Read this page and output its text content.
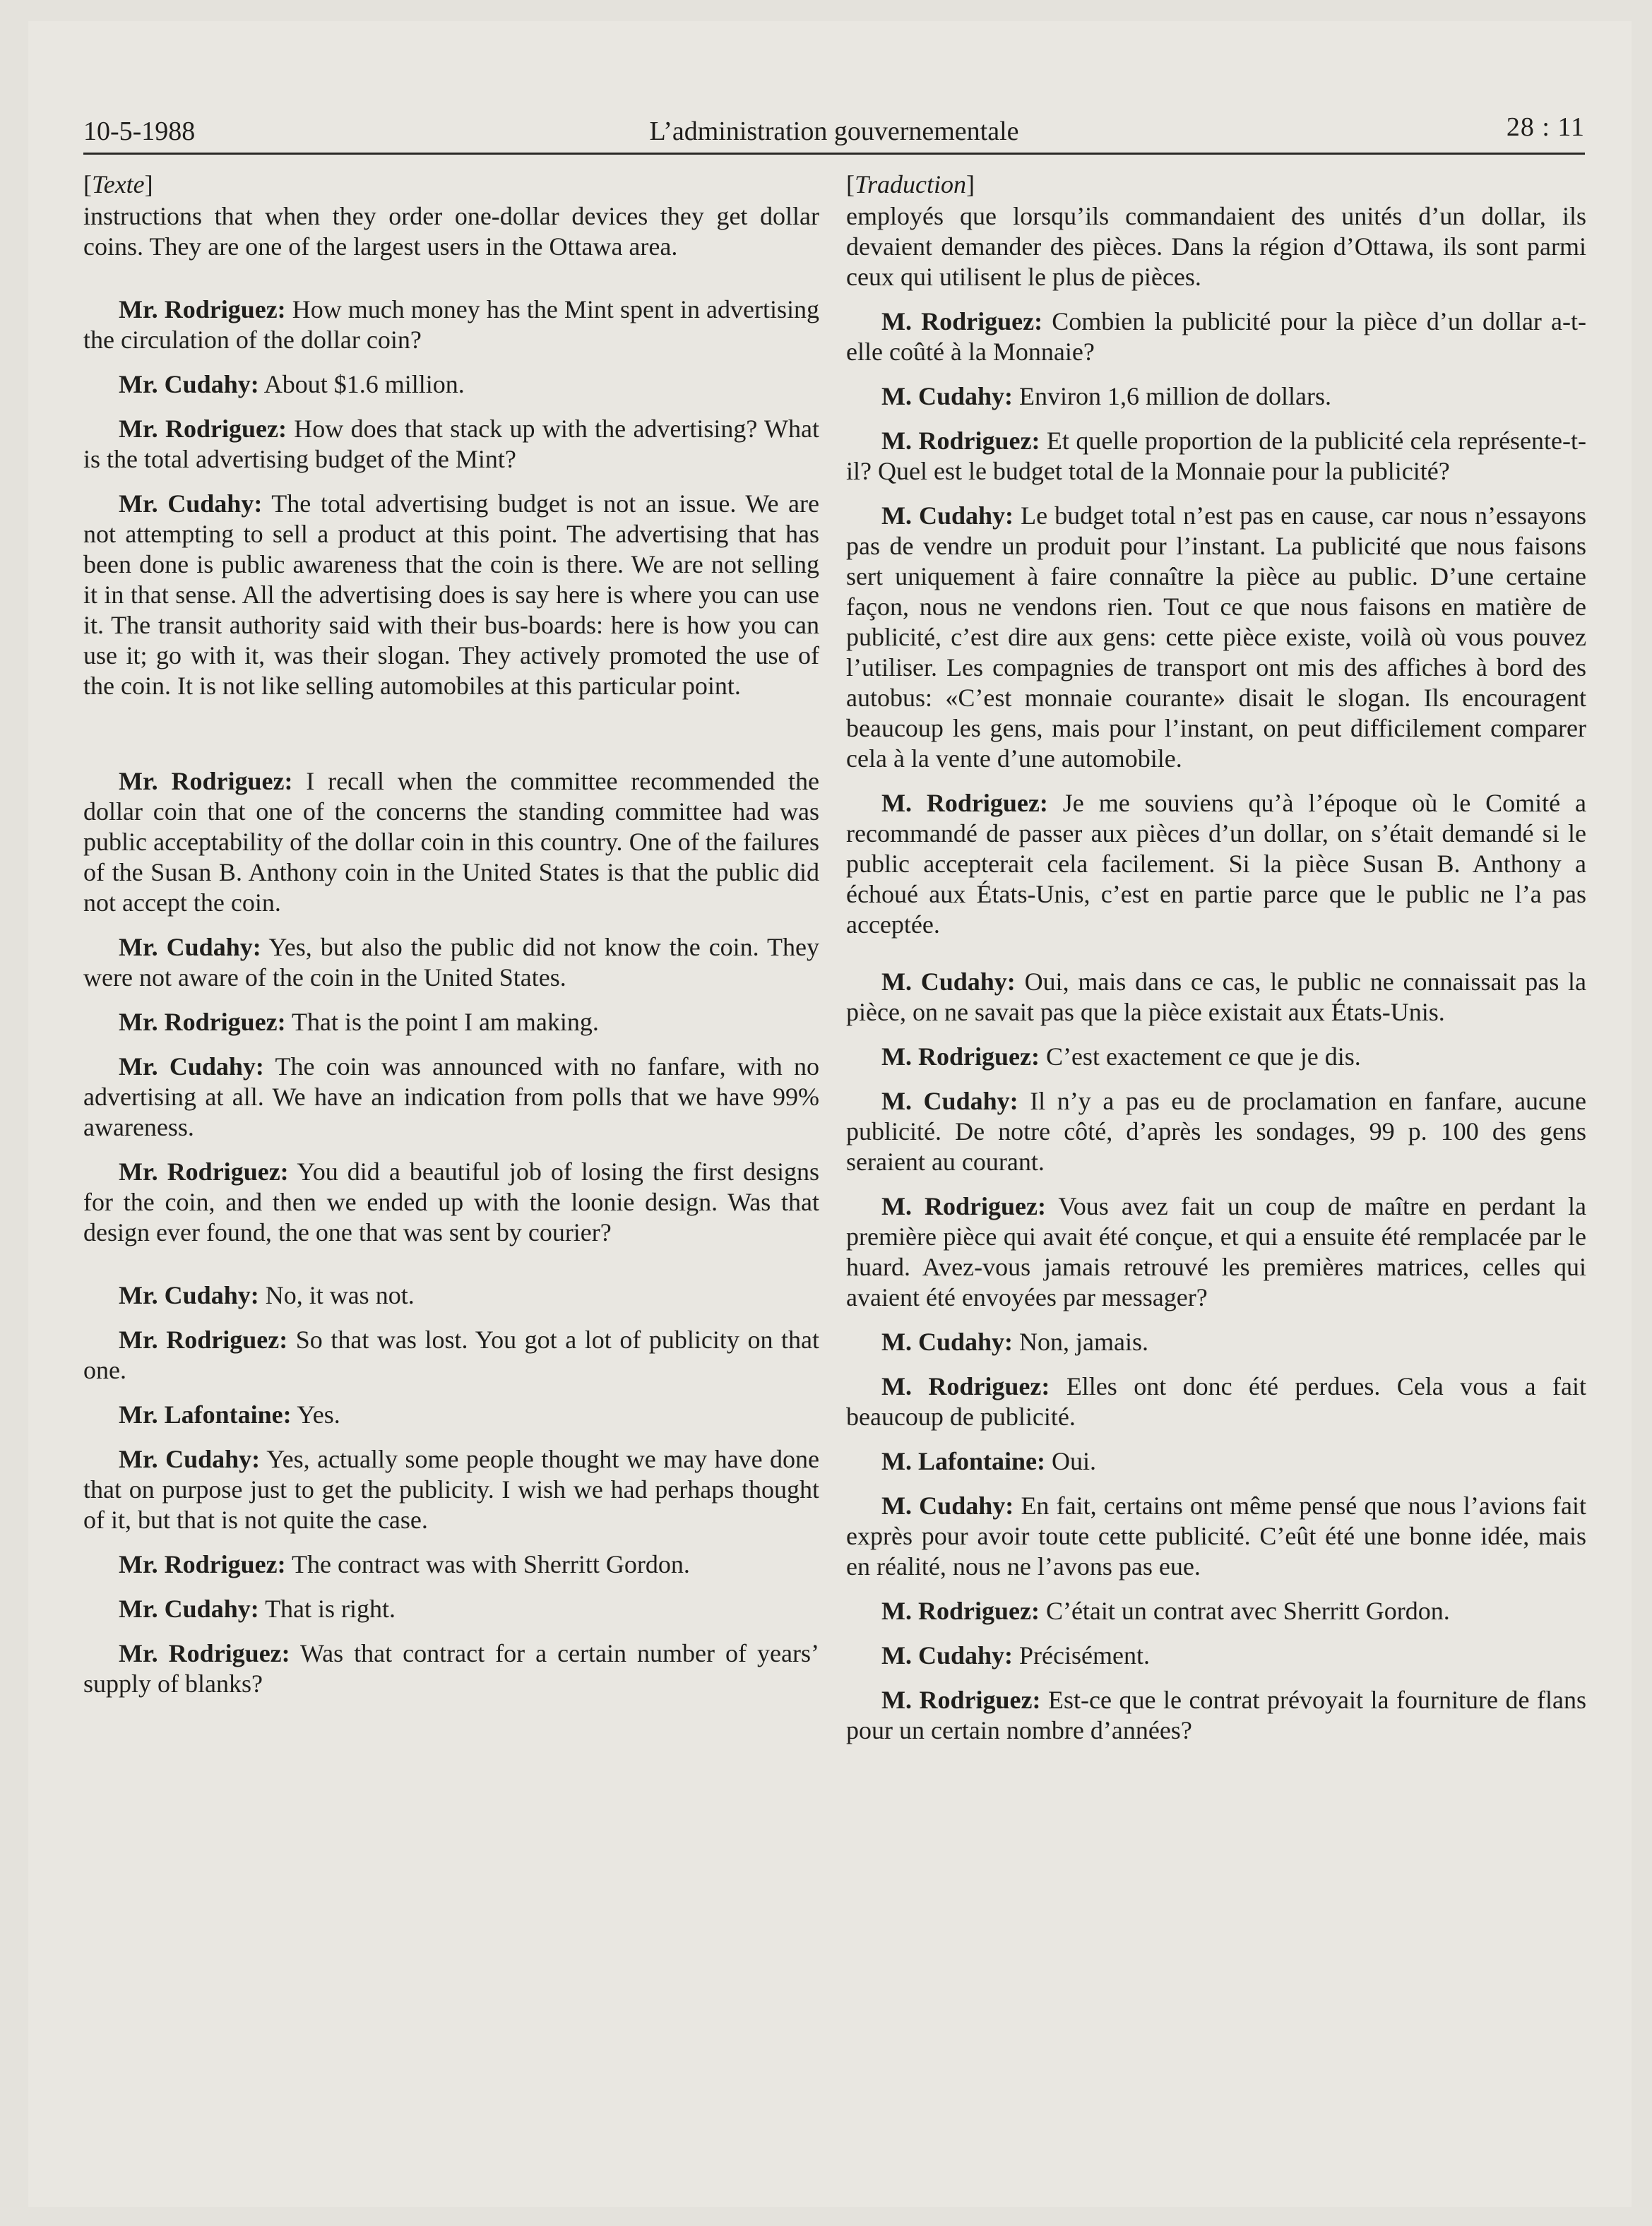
10-5-1988	L’administration gouvernementale	28 : 11

[Texte]

instructions that when they order one-dollar devices they get dollar coins. They are one of the largest users in the Ottawa area.

Mr. Rodriguez: How much money has the Mint spent in advertising the circulation of the dollar coin?

Mr. Cudahy: About $1.6 million.

Mr. Rodriguez: How does that stack up with the advertising? What is the total advertising budget of the Mint?

Mr. Cudahy: The total advertising budget is not an issue. We are not attempting to sell a product at this point. The advertising that has been done is public awareness that the coin is there. We are not selling it in that sense. All the advertising does is say here is where you can use it. The transit authority said with their bus-boards: here is how you can use it; go with it, was their slogan. They actively promoted the use of the coin. It is not like selling automobiles at this particular point.

Mr. Rodriguez: I recall when the committee recommended the dollar coin that one of the concerns the standing committee had was public acceptability of the dollar coin in this country. One of the failures of the Susan B. Anthony coin in the United States is that the public did not accept the coin.

Mr. Cudahy: Yes, but also the public did not know the coin. They were not aware of the coin in the United States.

Mr. Rodriguez: That is the point I am making.

Mr. Cudahy: The coin was announced with no fanfare, with no advertising at all. We have an indication from polls that we have 99% awareness.

Mr. Rodriguez: You did a beautiful job of losing the first designs for the coin, and then we ended up with the loonie design. Was that design ever found, the one that was sent by courier?

Mr. Cudahy: No, it was not.

Mr. Rodriguez: So that was lost. You got a lot of publicity on that one.

Mr. Lafontaine: Yes.

Mr. Cudahy: Yes, actually some people thought we may have done that on purpose just to get the publicity. I wish we had perhaps thought of it, but that is not quite the case.

Mr. Rodriguez: The contract was with Sherritt Gordon.

Mr. Cudahy: That is right.

Mr. Rodriguez: Was that contract for a certain number of years’ supply of blanks?

[Traduction]

employés que lorsqu’ils commandaient des unités d’un dollar, ils devaient demander des pièces. Dans la région d’Ottawa, ils sont parmi ceux qui utilisent le plus de pièces.

M. Rodriguez: Combien la publicité pour la pièce d’un dollar a-t-elle coûté à la Monnaie?

M. Cudahy: Environ 1,6 million de dollars.

M. Rodriguez: Et quelle proportion de la publicité cela représente-t-il? Quel est le budget total de la Monnaie pour la publicité?

M. Cudahy: Le budget total n’est pas en cause, car nous n’essayons pas de vendre un produit pour l’instant. La publicité que nous faisons sert uniquement à faire connaître la pièce au public. D’une certaine façon, nous ne vendons rien. Tout ce que nous faisons en matière de publicité, c’est dire aux gens: cette pièce existe, voilà où vous pouvez l’utiliser. Les compagnies de transport ont mis des affiches à bord des autobus: «C’est monnaie courante» disait le slogan. Ils encouragent beaucoup les gens, mais pour l’instant, on peut difficilement comparer cela à la vente d’une automobile.

M. Rodriguez: Je me souviens qu’à l’époque où le Comité a recommandé de passer aux pièces d’un dollar, on s’était demandé si le public accepterait cela facilement. Si la pièce Susan B. Anthony a échoué aux États-Unis, c’est en partie parce que le public ne l’a pas acceptée.

M. Cudahy: Oui, mais dans ce cas, le public ne connaissait pas la pièce, on ne savait pas que la pièce existait aux États-Unis.

M. Rodriguez: C’est exactement ce que je dis.

M. Cudahy: Il n’y a pas eu de proclamation en fanfare, aucune publicité. De notre côté, d’après les sondages, 99 p. 100 des gens seraient au courant.

M. Rodriguez: Vous avez fait un coup de maître en perdant la première pièce qui avait été conçue, et qui a ensuite été remplacée par le huard. Avez-vous jamais retrouvé les premières matrices, celles qui avaient été envoyées par messager?

M. Cudahy: Non, jamais.

M. Rodriguez: Elles ont donc été perdues. Cela vous a fait beaucoup de publicité.

M. Lafontaine: Oui.

M. Cudahy: En fait, certains ont même pensé que nous l’avions fait exprès pour avoir toute cette publicité. C’eût été une bonne idée, mais en réalité, nous ne l’avons pas eue.

M. Rodriguez: C’était un contrat avec Sherritt Gordon.

M. Cudahy: Précisément.

M. Rodriguez: Est-ce que le contrat prévoyait la fourniture de flans pour un certain nombre d’années?
